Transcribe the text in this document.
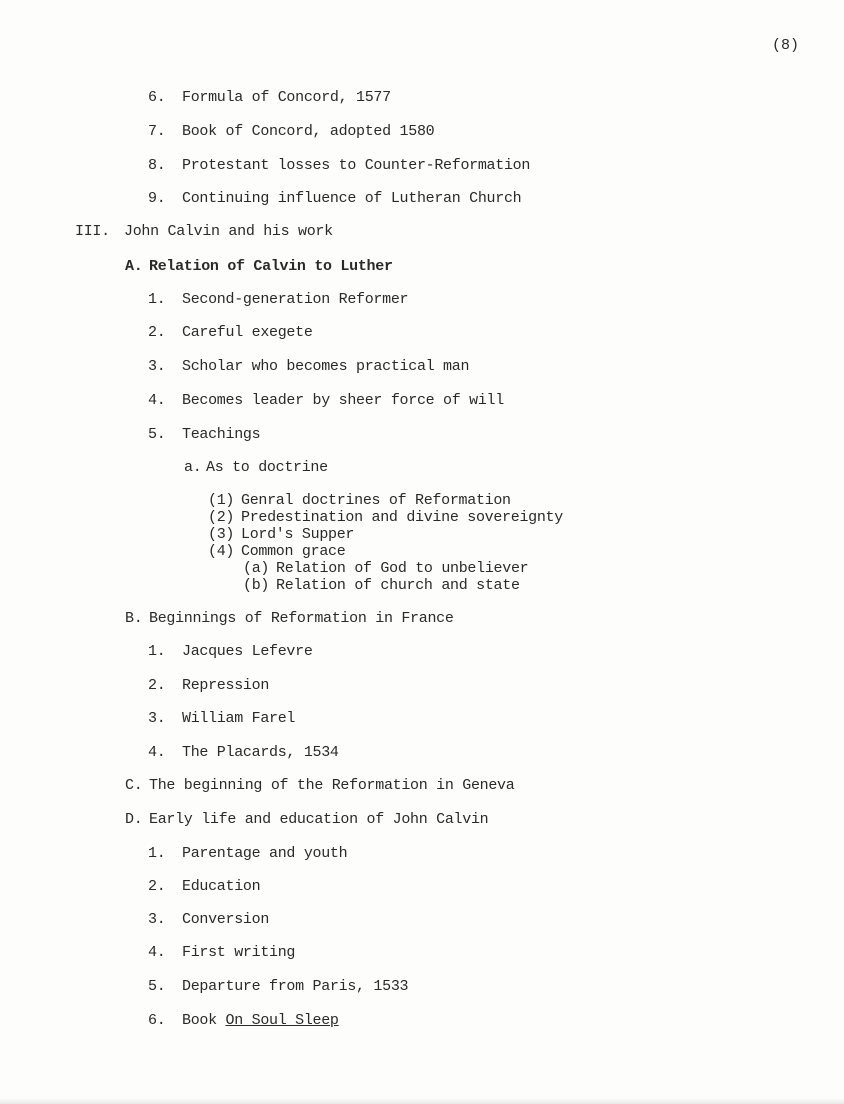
(8)
6. Formula of Concord, 1577
7. Book of Concord, adopted 1580
8. Protestant losses to Counter-Reformation
9. Continuing influence of Lutheran Church
III. John Calvin and his work
A. Relation of Calvin to Luther
1. Second-generation Reformer
2. Careful exegete
3. Scholar who becomes practical man
4. Becomes leader by sheer force of will
5. Teachings
a. As to doctrine
(1) Genral doctrines of Reformation
(2) Predestination and divine sovereignty
(3) Lord's Supper
(4) Common grace
(a) Relation of God to unbeliever
(b) Relation of church and state
B. Beginnings of Reformation in France
1. Jacques Lefevre
2. Repression
3. William Farel
4. The Placards, 1534
C. The beginning of the Reformation in Geneva
D. Early life and education of John Calvin
1. Parentage and youth
2. Education
3. Conversion
4. First writing
5. Departure from Paris, 1533
6. Book On Soul Sleep
